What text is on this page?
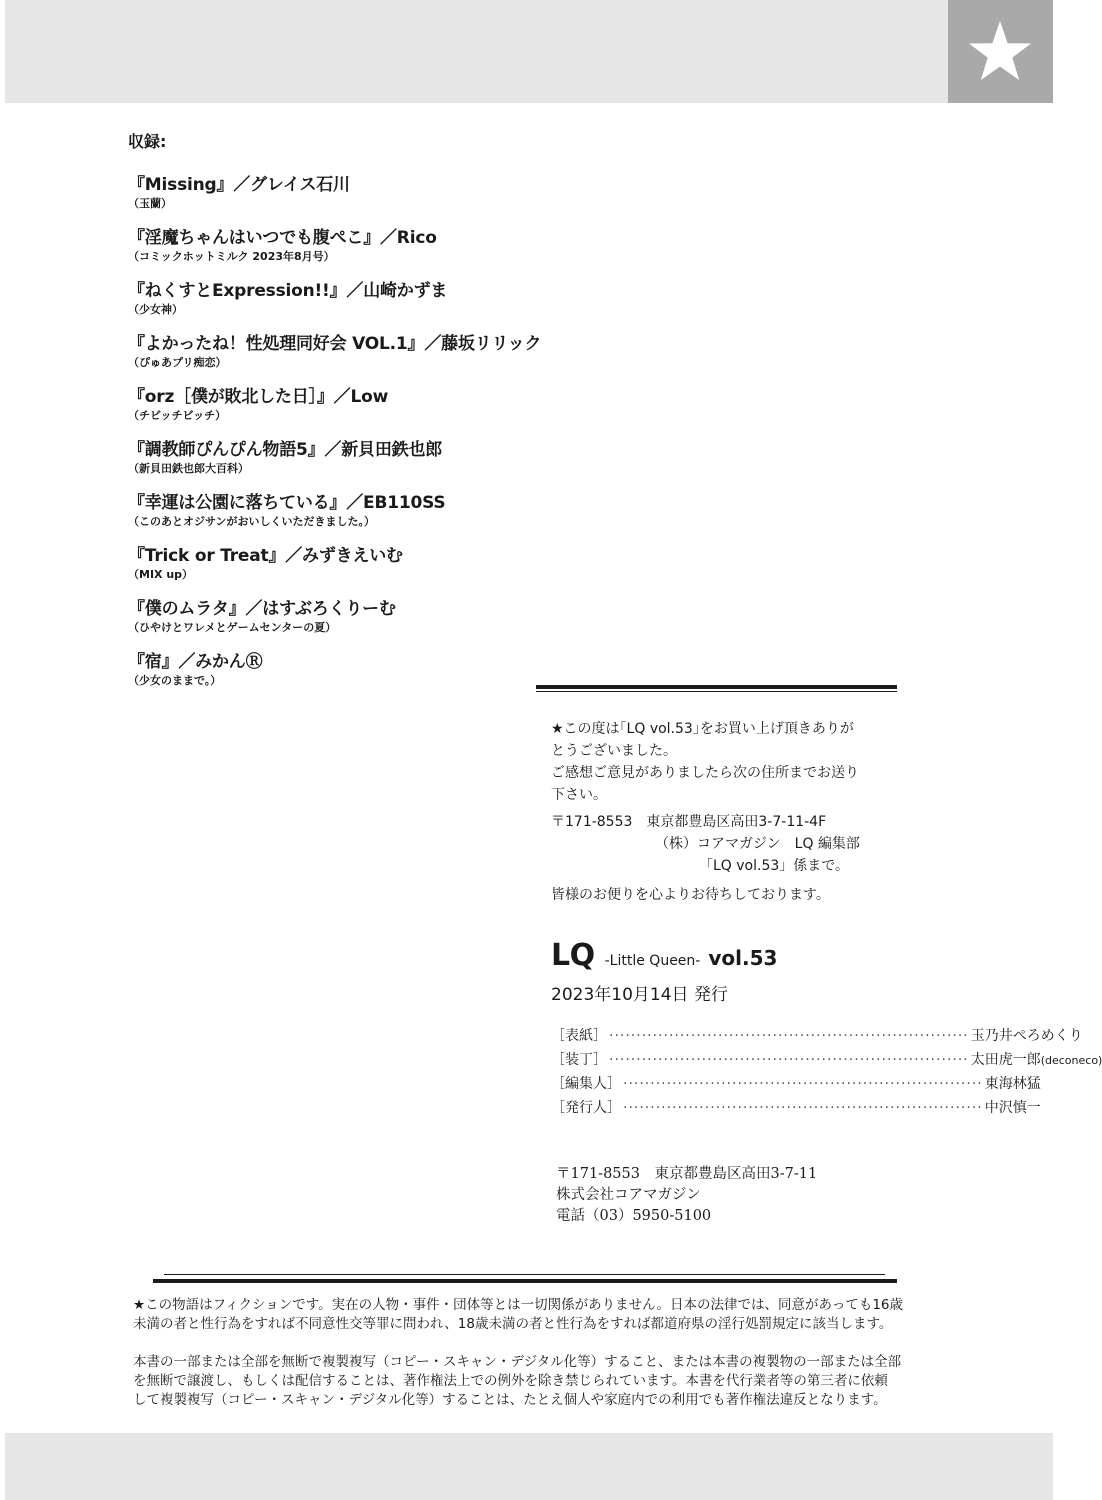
収録:
『Missing』／グレイス石川
（玉蘭）
『淫魔ちゃんはいつでも腹ぺこ』／Rico
（コミックホットミルク 2023年8月号）
『ねくすとExpression!!』／山崎かずま
（少女神）
『よかったね！性処理同好会 VOL.1』／藤坂リリック
（ぴゅあプリ痴恋）
『orz［僕が敗北した日］』／Low
（チビッチビッチ）
『調教師ぴんぴん物語5』／新貝田鉄也郎
（新貝田鉄也郎大百科）
『幸運は公園に落ちている』／EB110SS
（このあとオジサンがおいしくいただきました。）
『Trick or Treat』／みずきえいむ
（MIX up）
『僕のムラタ』／はすぶろくりーむ
（ひやけとワレメとゲームセンターの夏）
『宿』／みかんⓇ
（少女のままで。）

★この度は｢LQ vol.53｣をお買い上げ頂きありが

とうございました。

ご感想ご意見がありましたら次の住所までお送り

下さい。

〒171-8553　東京都豊島区高田3-7-11-4F

（株）コアマガジン　LQ 編集部

「LQ vol.53」係まで。

皆様のお便りを心よりお待ちしております。

LQ -Little Queen- vol.53
2023年10月14日 発行
［表紙］ ·································································· 玉乃井ぺろめくり
［装丁］ ·································································· 太田虎一郎(deconeco)
［編集人］ ·································································· 東海林猛
［発行人］ ·································································· 中沢慎一
〒171-8553　東京都豊島区高田3-7-11
株式会社コアマガジン
電話（03）5950-5100

★この物語はフィクションです。実在の人物・事件・団体等とは一切関係がありません。日本の法律では、同意があっても16歳

未満の者と性行為をすれば不同意性交等罪に問われ、18歳未満の者と性行為をすれば都道府県の淫行処罰規定に該当します。

本書の一部または全部を無断で複製複写（コピー・スキャン・デジタル化等）すること、または本書の複製物の一部または全部

を無断で譲渡し、もしくは配信することは、著作権法上での例外を除き禁じられています。本書を代行業者等の第三者に依頼

して複製複写（コピー・スキャン・デジタル化等）することは、たとえ個人や家庭内での利用でも著作権法違反となります。
